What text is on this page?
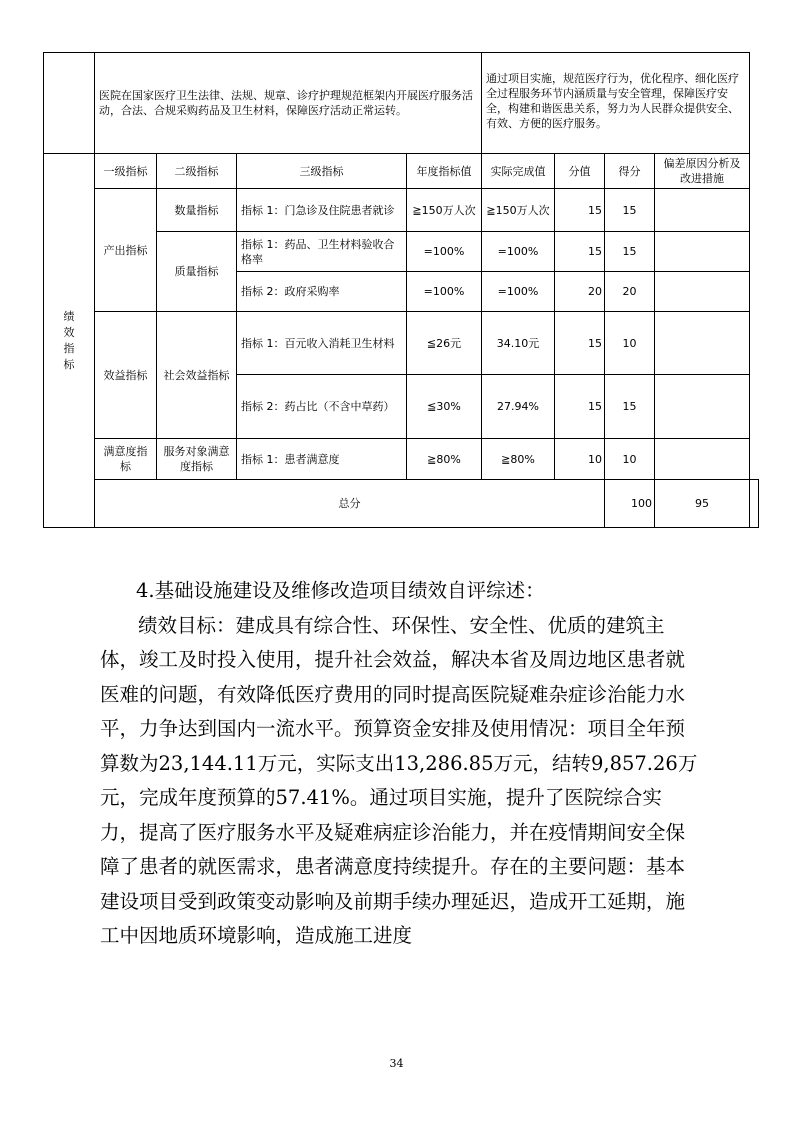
	医院在国家医疗卫生法律、法规、规章、诊疗护理规范框架内开展医疗服务活动，合法、合规采购药品及卫生材料，保障医疗活动正常运转。				通过项目实施，规范医疗行为，优化程序、细化医疗全过程服务环节内涵质量与安全管理，保障医疗安全，构建和谐医患关系，努力为人民群众提供安全、有效、方便的医疗服务。				
绩效指标	一级指标	二级指标	三级指标	年度指标值	实际完成值	分值	得分	偏差原因分析及改进措施	
	产出指标	数量指标	指标 1：门急诊及住院患者就诊	≧150万人次	≧150万人次	15	15		
		质量指标	指标 1：药品、卫生材料验收合格率	=100%	=100%	15	15		
			指标 2：政府采购率	=100%	=100%	20	20		
	效益指标	社会效益指标	指标 1：百元收入消耗卫生材料	≦26元	34.10元	15	10		
			指标 2：药占比（不含中草药）	≦30%	27.94%	15	15		
	满意度指标	服务对象满意度指标	指标 1：患者满意度	≧80%	≧80%	10	10		
	总分						100	95	

4.基础设施建设及维修改造项目绩效自评综述：

绩效目标：建成具有综合性、环保性、安全性、优质的建筑主体，竣工及时投入使用，提升社会效益，解决本省及周边地区患者就医难的问题，有效降低医疗费用的同时提高医院疑难杂症诊治能力水平，力争达到国内一流水平。预算资金安排及使用情况：项目全年预算数为23,144.11万元，实际支出13,286.85万元，结转9,857.26万元，完成年度预算的57.41%。通过项目实施，提升了医院综合实力，提高了医疗服务水平及疑难病症诊治能力，并在疫情期间安全保障了患者的就医需求，患者满意度持续提升。存在的主要问题：基本建设项目受到政策变动影响及前期手续办理延迟，造成开工延期，施工中因地质环境影响，造成施工进度

34
